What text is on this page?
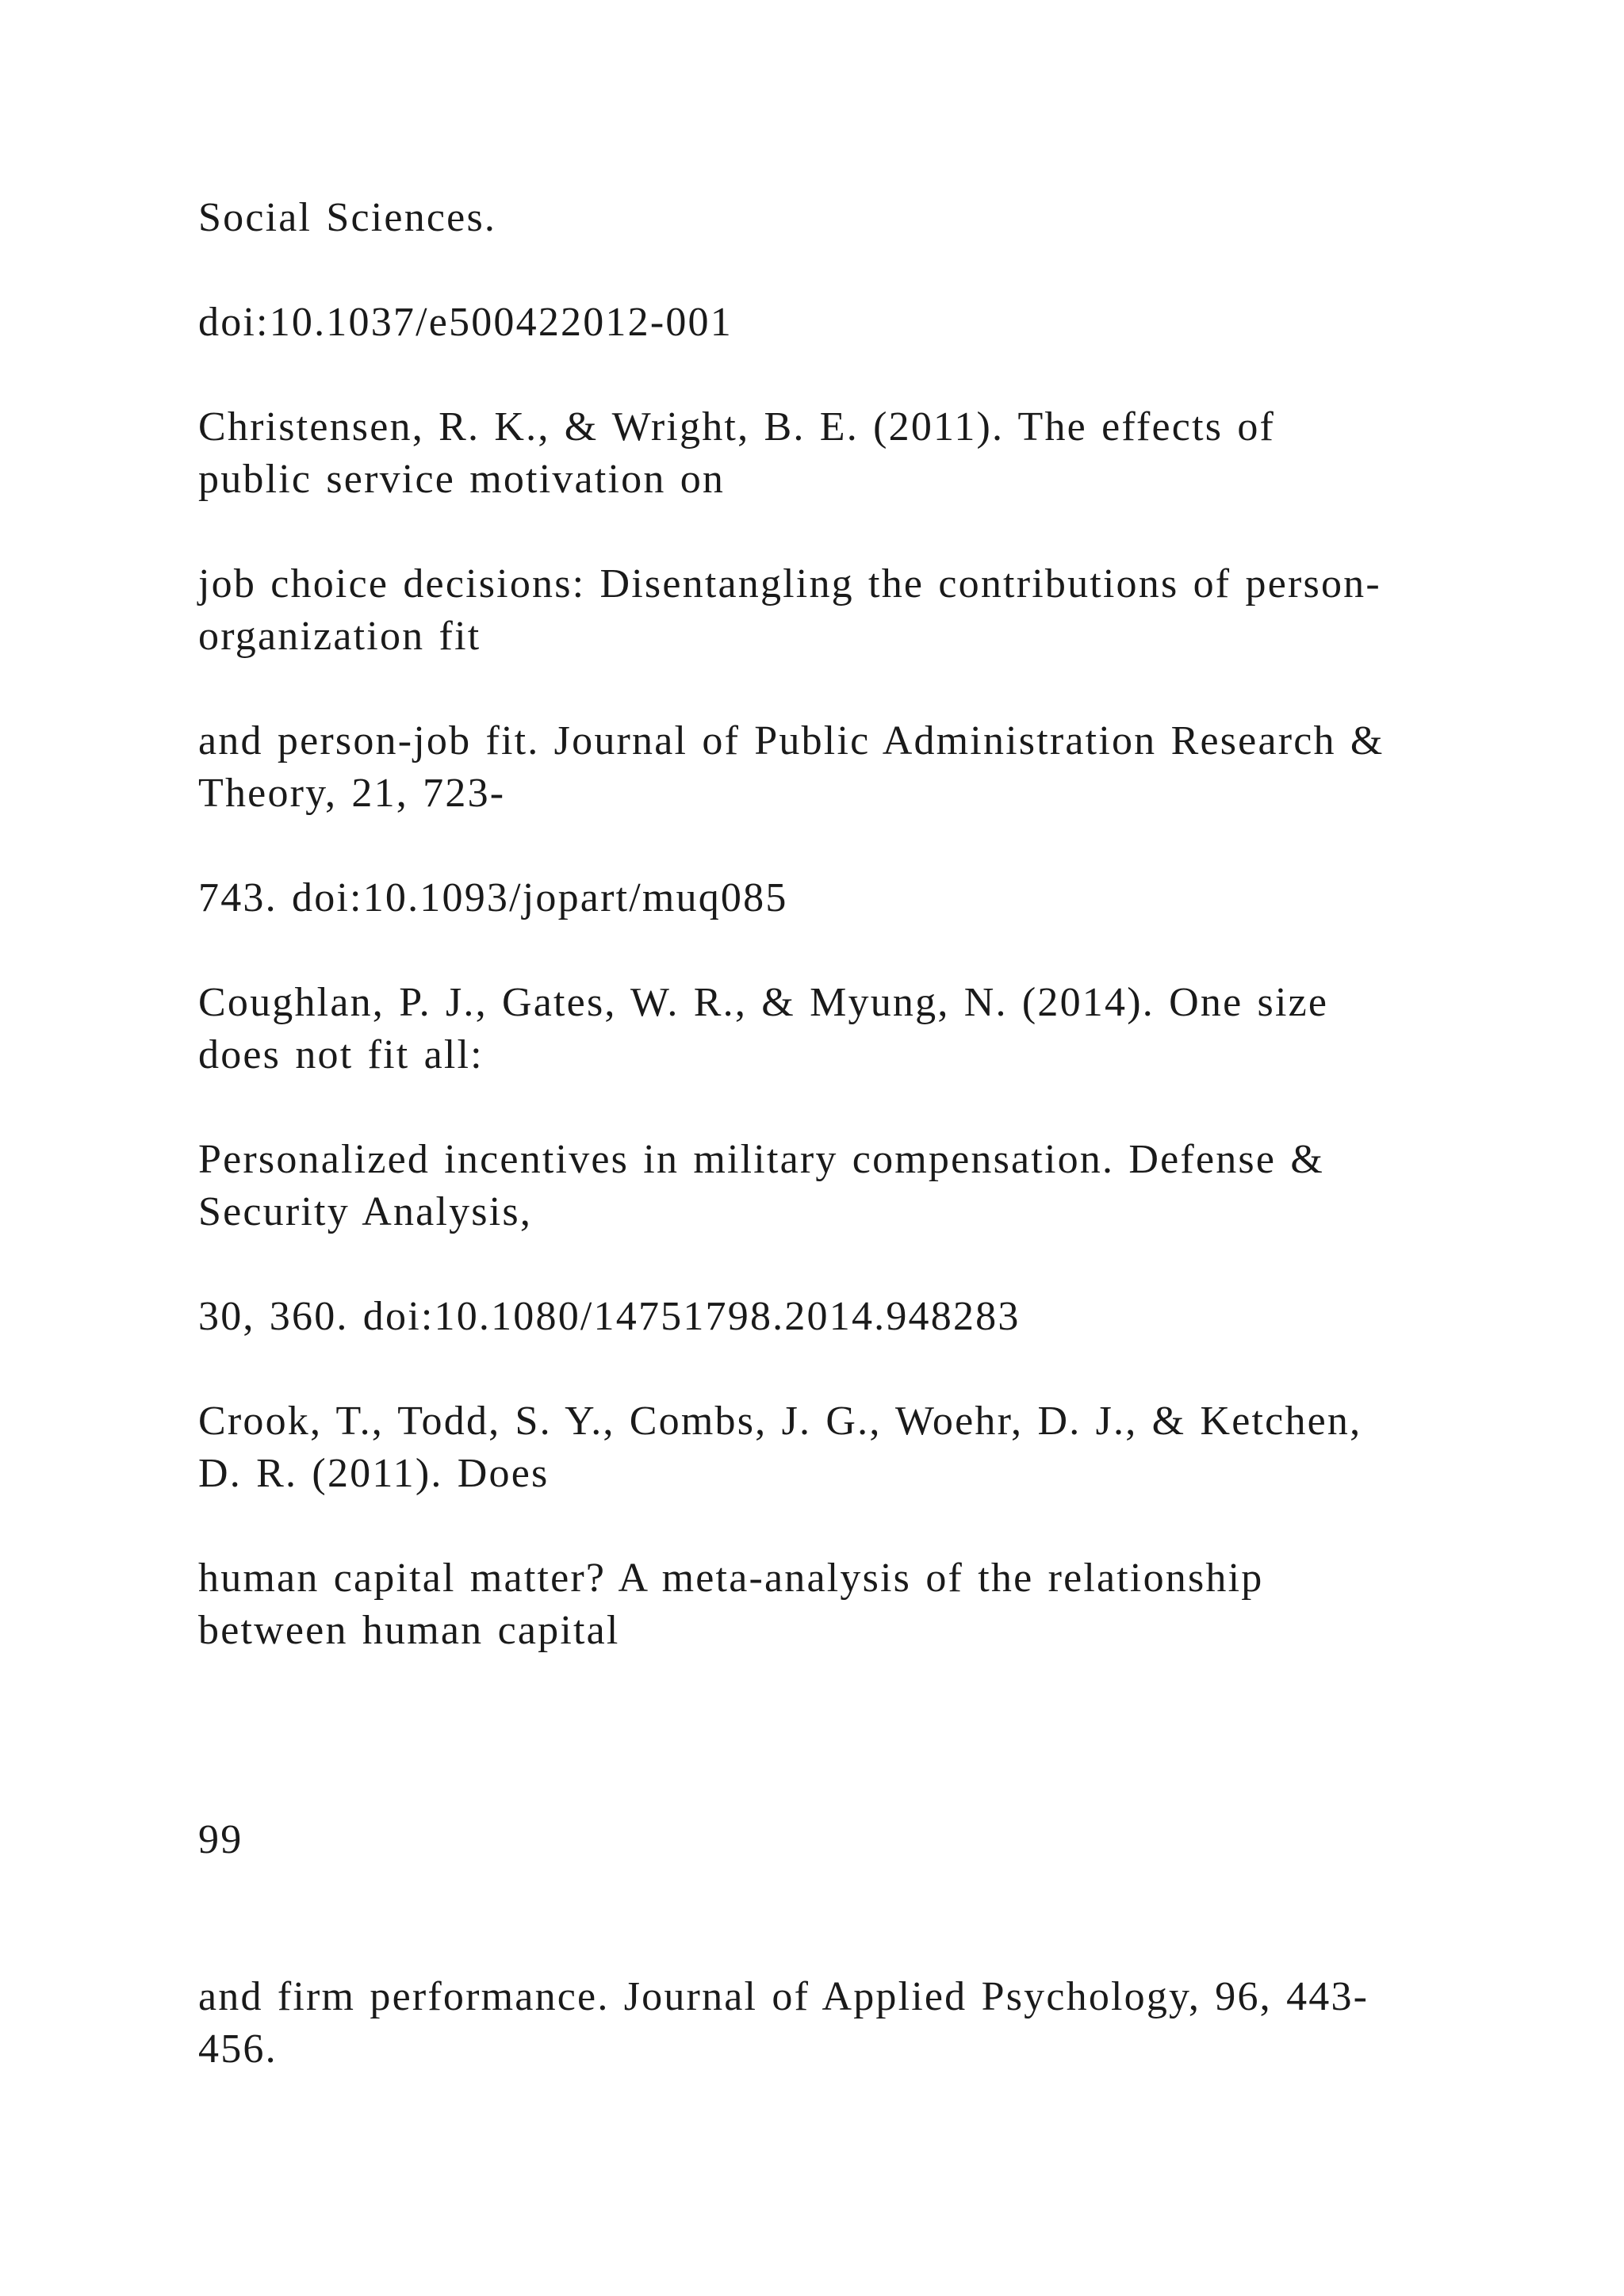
Social Sciences.

doi:10.1037/e500422012-001

Christensen, R. K., & Wright, B. E. (2011). The effects of
public service motivation on

job choice decisions: Disentangling the contributions of person-
organization fit

and person-job fit. Journal of Public Administration Research &
Theory, 21, 723-

743. doi:10.1093/jopart/muq085

Coughlan, P. J., Gates, W. R., & Myung, N. (2014). One size
does not fit all:

Personalized incentives in military compensation. Defense &
Security Analysis,

30, 360. doi:10.1080/14751798.2014.948283

Crook, T., Todd, S. Y., Combs, J. G., Woehr, D. J., & Ketchen,
D. R. (2011). Does

human capital matter? A meta-analysis of the relationship
between human capital

99

and firm performance. Journal of Applied Psychology, 96, 443-
456.
